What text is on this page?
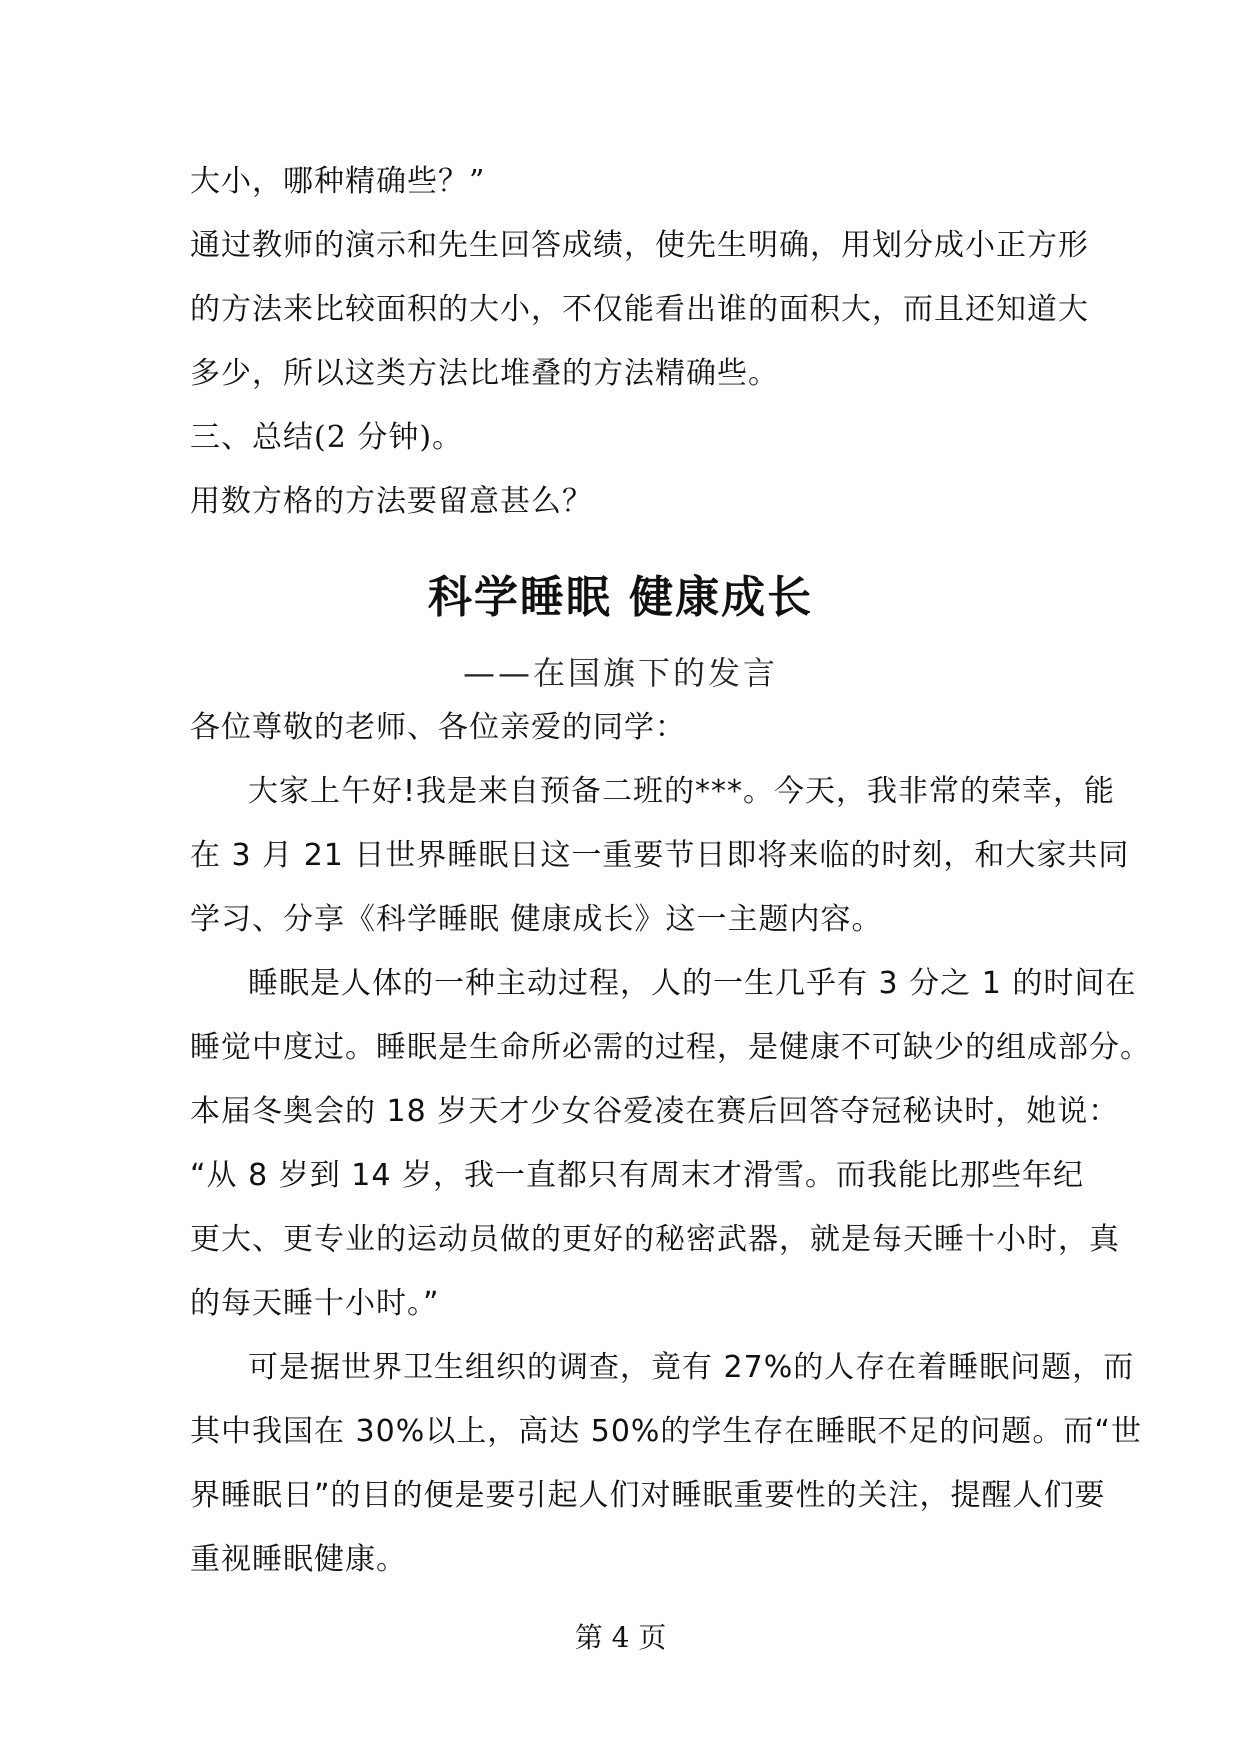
大小，哪种精确些？”
通过教师的演示和先生回答成绩，使先生明确，用划分成小正方形
的方法来比较面积的大小，不仅能看出谁的面积大，而且还知道大
多少，所以这类方法比堆叠的方法精确些。
三、总结(2 分钟)。
用数方格的方法要留意甚么？
科学睡眠 健康成长
——在国旗下的发言
各位尊敬的老师、各位亲爱的同学：
大家上午好!我是来自预备二班的***。今天，我非常的荣幸，能
在 3 月 21 日世界睡眠日这一重要节日即将来临的时刻，和大家共同
学习、分享《科学睡眠 健康成长》这一主题内容。
睡眠是人体的一种主动过程，人的一生几乎有 3 分之 1 的时间在
睡觉中度过。睡眠是生命所必需的过程，是健康不可缺少的组成部分。
本届冬奥会的 18 岁天才少女谷爱凌在赛后回答夺冠秘诀时，她说：
“从 8 岁到 14 岁，我一直都只有周末才滑雪。而我能比那些年纪
更大、更专业的运动员做的更好的秘密武器，就是每天睡十小时，真
的每天睡十小时。”
可是据世界卫生组织的调查，竟有 27%的人存在着睡眠问题，而
其中我国在 30%以上，高达 50%的学生存在睡眠不足的问题。而“世
界睡眠日”的目的便是要引起人们对睡眠重要性的关注，提醒人们要
重视睡眠健康。
第 4 页
